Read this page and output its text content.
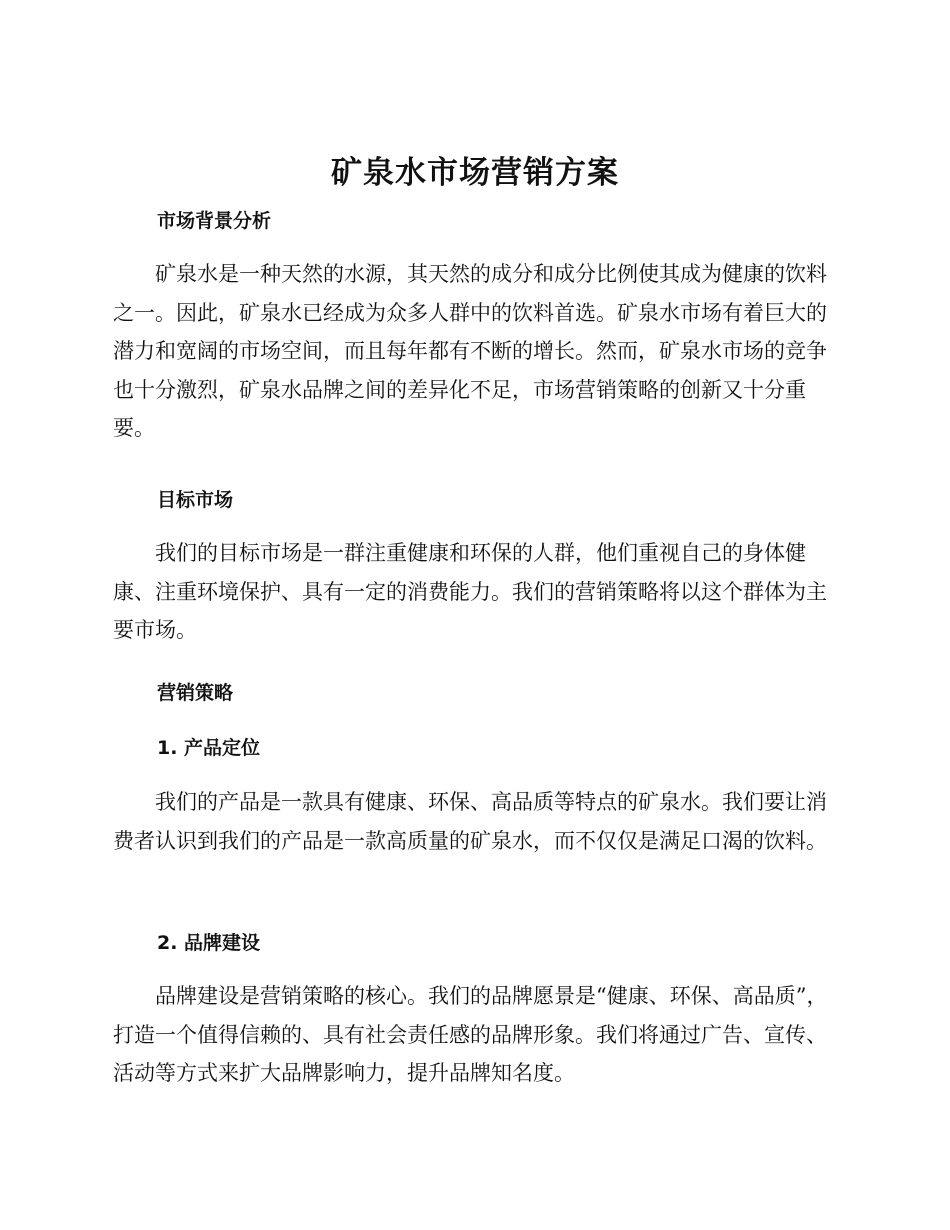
矿泉水市场营销方案
市场背景分析

矿泉水是一种天然的水源，其天然的成分和成分比例使其成为健康的饮料之一。因此，矿泉水已经成为众多人群中的饮料首选。矿泉水市场有着巨大的潜力和宽阔的市场空间，而且每年都有不断的增长。然而，矿泉水市场的竞争也十分激烈，矿泉水品牌之间的差异化不足，市场营销策略的创新又十分重要。

目标市场

我们的目标市场是一群注重健康和环保的人群，他们重视自己的身体健康、注重环境保护、具有一定的消费能力。我们的营销策略将以这个群体为主要市场。

营销策略
1. 产品定位

我们的产品是一款具有健康、环保、高品质等特点的矿泉水。我们要让消费者认识到我们的产品是一款高质量的矿泉水，而不仅仅是满足口渴的饮料。

2. 品牌建设

品牌建设是营销策略的核心。我们的品牌愿景是“健康、环保、高品质”，打造一个值得信赖的、具有社会责任感的品牌形象。我们将通过广告、宣传、活动等方式来扩大品牌影响力，提升品牌知名度。
